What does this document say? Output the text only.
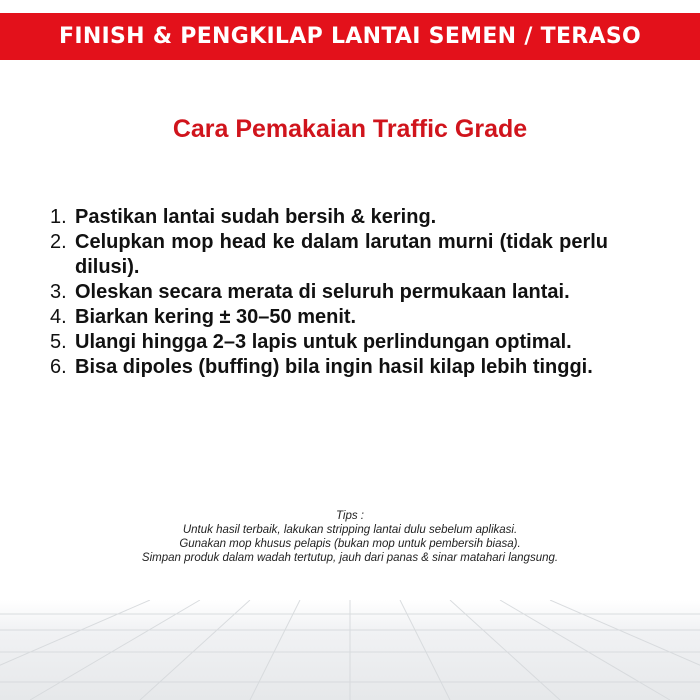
FINISH & PENGKILAP LANTAI SEMEN / TERASO
Cara Pemakaian Traffic Grade
1. Pastikan lantai sudah bersih & kering.
2. Celupkan mop head ke dalam larutan murni (tidak perlu dilusi).
3. Oleskan secara merata di seluruh permukaan lantai.
4. Biarkan kering ± 30–50 menit.
5. Ulangi hingga 2–3 lapis untuk perlindungan optimal.
6. Bisa dipoles (buffing) bila ingin hasil kilap lebih tinggi.
Tips :
Untuk hasil terbaik, lakukan stripping lantai dulu sebelum aplikasi.
Gunakan mop khusus pelapis (bukan mop untuk pembersih biasa).
Simpan produk dalam wadah tertutup, jauh dari panas & sinar matahari langsung.
